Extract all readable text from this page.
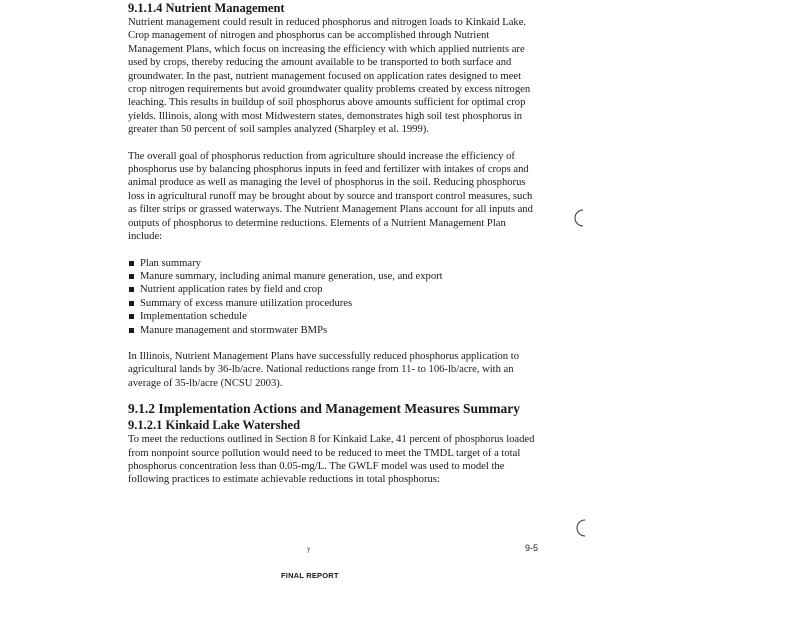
9.1.1.4 Nutrient Management

Nutrient management could result in reduced phosphorus and nitrogen loads to Kinkaid Lake. Crop management of nitrogen and phosphorus can be accomplished through Nutrient Management Plans, which focus on increasing the efficiency with which applied nutrients are used by crops, thereby reducing the amount available to be transported to both surface and groundwater. In the past, nutrient management focused on application rates designed to meet crop nitrogen requirements but avoid groundwater quality problems created by excess nitrogen leaching. This results in buildup of soil phosphorus above amounts sufficient for optimal crop yields. Illinois, along with most Midwestern states, demonstrates high soil test phosphorus in greater than 50 percent of soil samples analyzed (Sharpley et al. 1999).

The overall goal of phosphorus reduction from agriculture should increase the efficiency of phosphorus use by balancing phosphorus inputs in feed and fertilizer with intakes of crops and animal produce as well as managing the level of phosphorus in the soil. Reducing phosphorus loss in agricultural runoff may be brought about by source and transport control measures, such as filter strips or grassed waterways. The Nutrient Management Plans account for all inputs and outputs of phosphorus to determine reductions. Elements of a Nutrient Management Plan include:

Plan summary
Manure summary, including animal manure generation, use, and export
Nutrient application rates by field and crop
Summary of excess manure utilization procedures
Implementation schedule
Manure management and stormwater BMPs

In Illinois, Nutrient Management Plans have successfully reduced phosphorus application to agricultural lands by 36-lb/acre. National reductions range from 11- to 106-lb/acre, with an average of 35-lb/acre (NCSU 2003).

9.1.2 Implementation Actions and Management Measures Summary
9.1.2.1 Kinkaid Lake Watershed

To meet the reductions outlined in Section 8 for Kinkaid Lake, 41 percent of phosphorus loaded from nonpoint source pollution would need to be reduced to meet the TMDL target of a total phosphorus concentration less than 0.05-mg/L. The GWLF model was used to model the following practices to estimate achievable reductions in total phosphorus:

y	9-5
FINAL REPORT
